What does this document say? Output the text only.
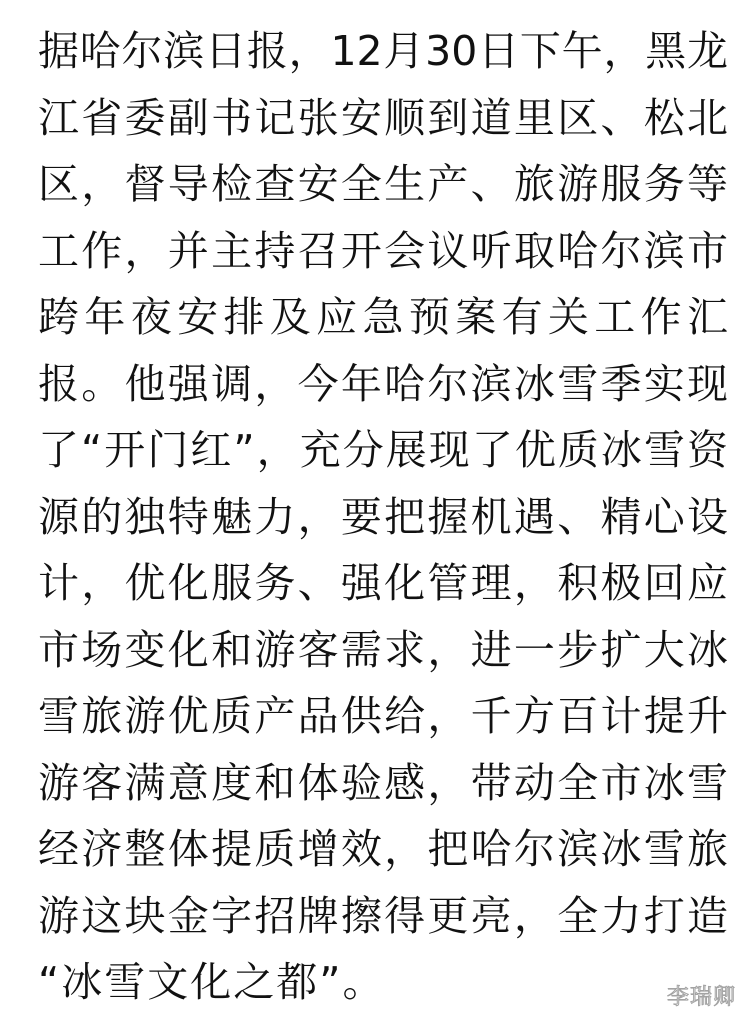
据哈尔滨日报，12月30日下午，黑龙
江省委副书记张安顺到道里区、松北
区，督导检查安全生产、旅游服务等
工作，并主持召开会议听取哈尔滨市
跨年夜安排及应急预案有关工作汇
报。他强调，今年哈尔滨冰雪季实现
了“开门红”，充分展现了优质冰雪资
源的独特魅力，要把握机遇、精心设
计，优化服务、强化管理，积极回应
市场变化和游客需求，进一步扩大冰
雪旅游优质产品供给，千方百计提升
游客满意度和体验感，带动全市冰雪
经济整体提质增效，把哈尔滨冰雪旅
游这块金字招牌擦得更亮，全力打造
“冰雪文化之都”。	李瑞卿
